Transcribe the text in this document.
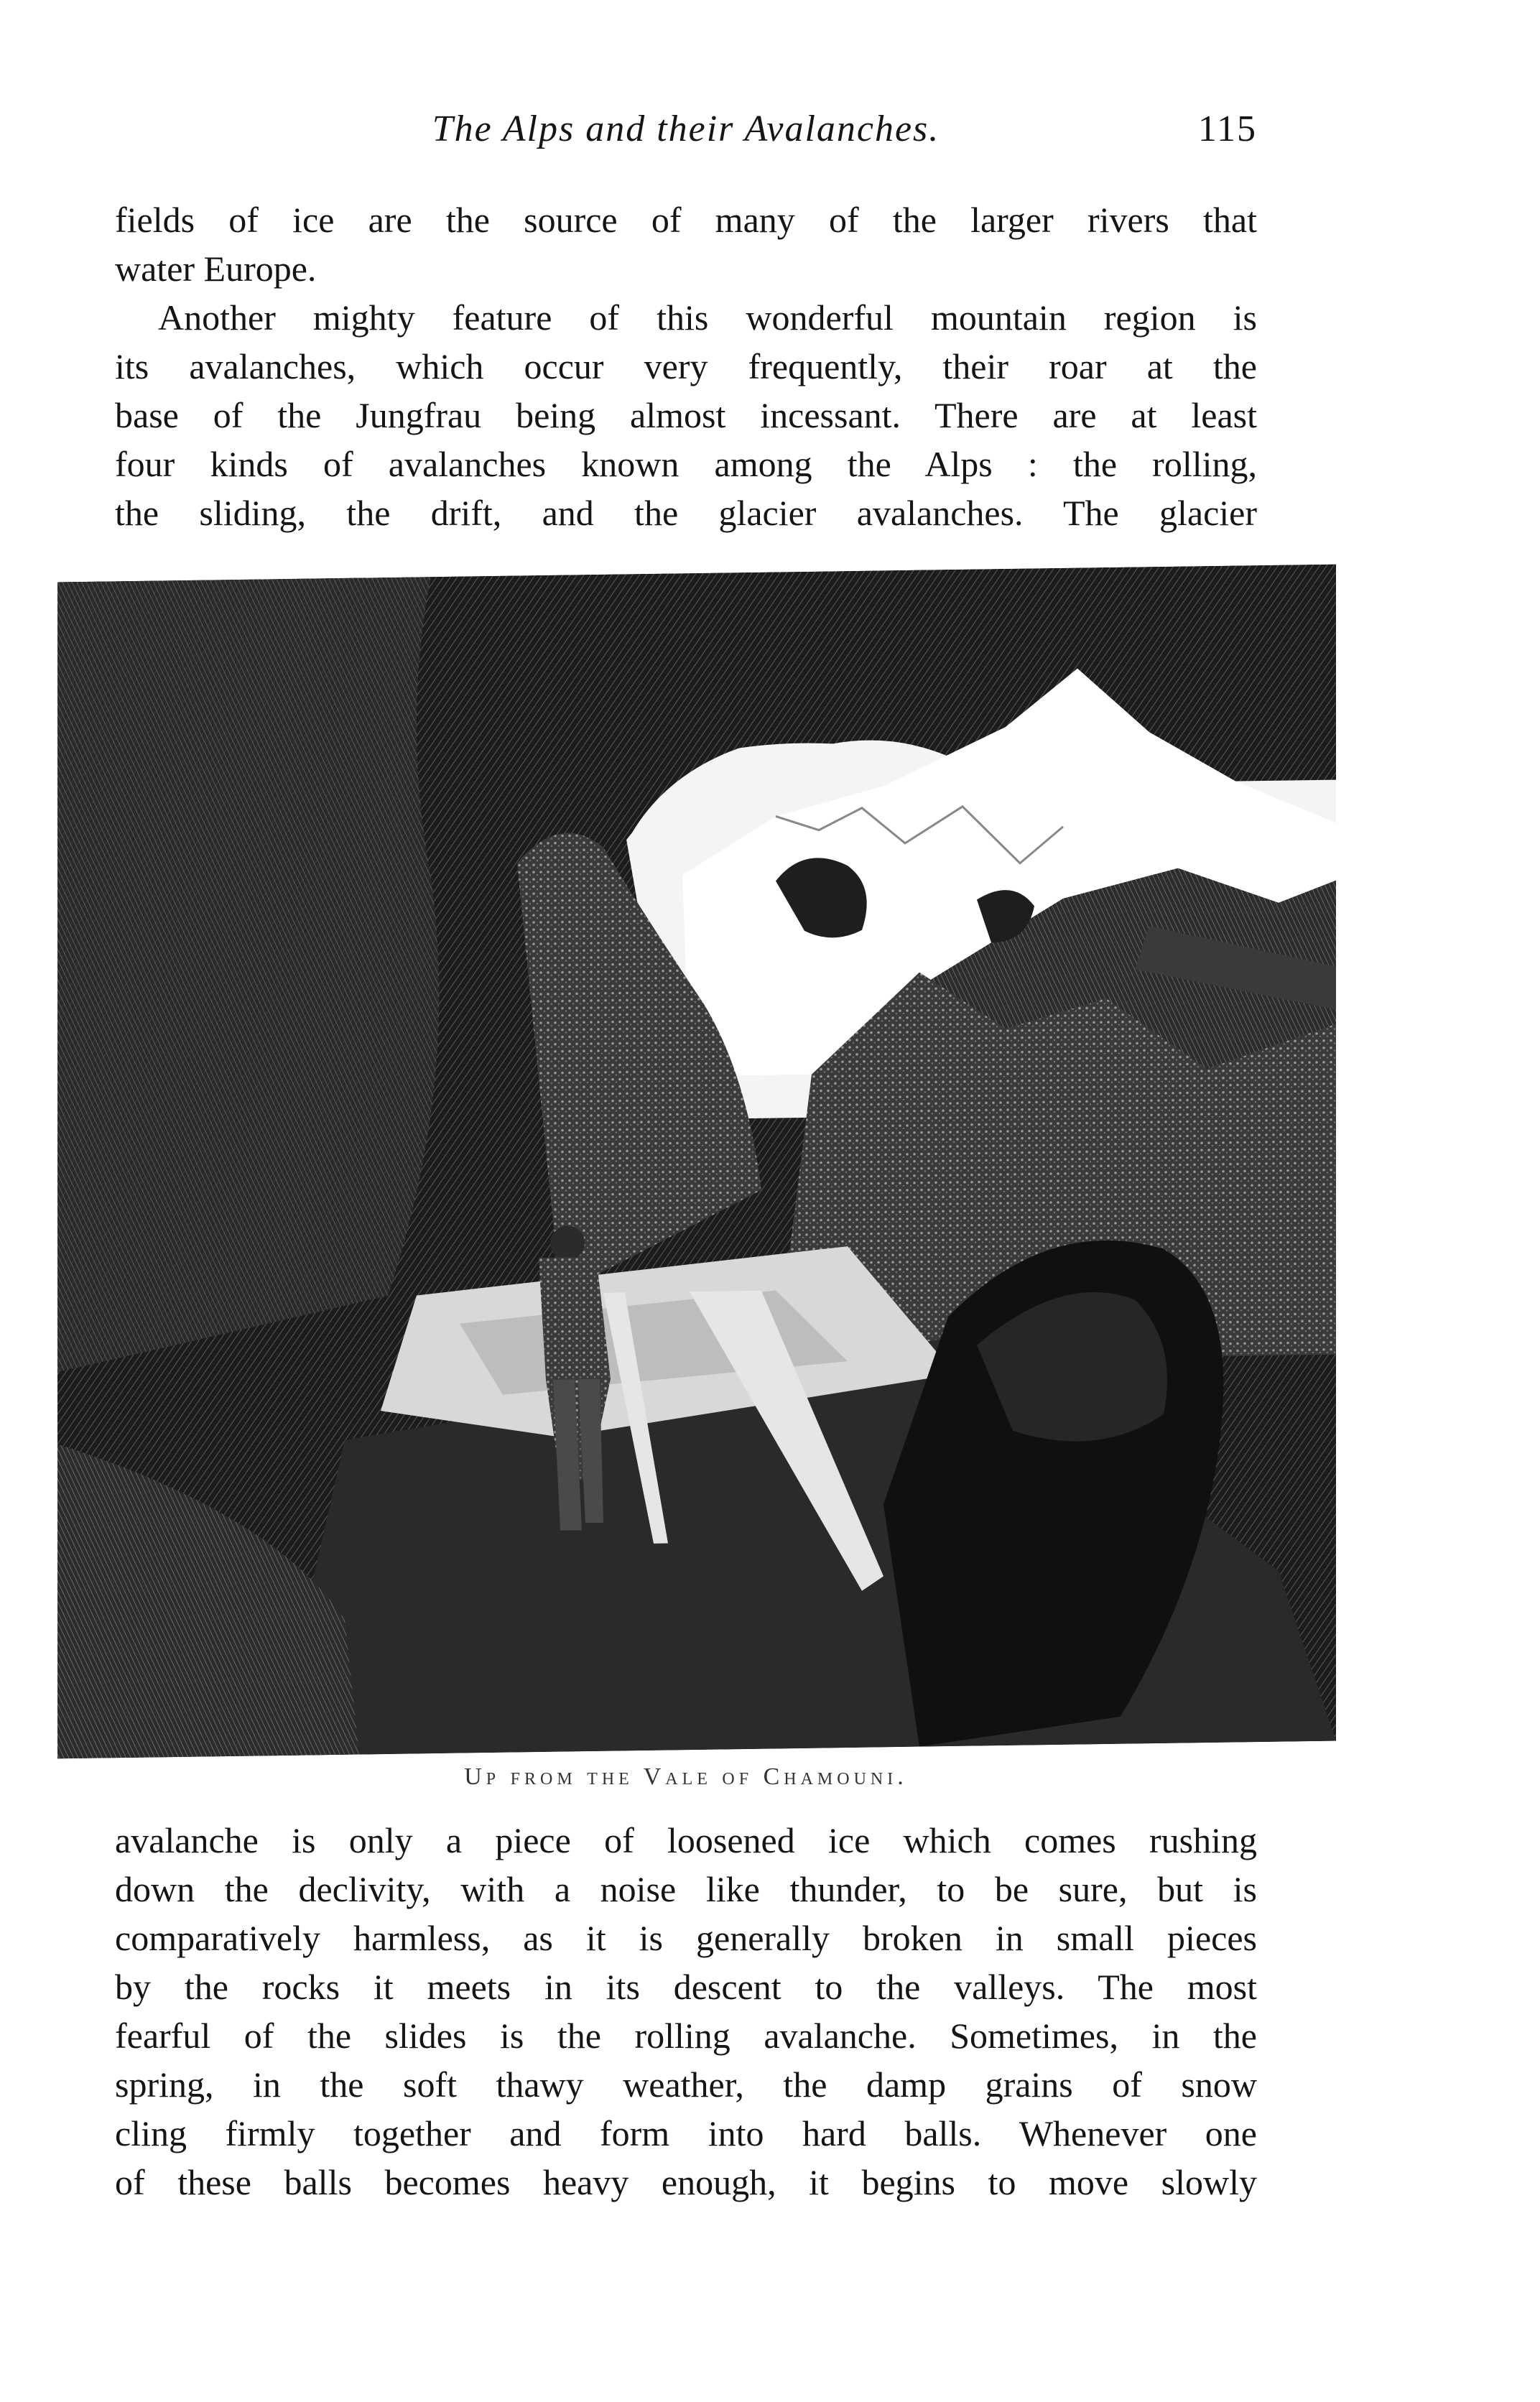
The Alps and their Avalanches.	115
fields of ice are the source of many of the larger rivers that
water Europe.
Another mighty feature of this wonderful mountain region is
its avalanches, which occur very frequently, their roar at the
base of the Jungfrau being almost incessant. There are at least
four kinds of avalanches known among the Alps : the rolling,
the sliding, the drift, and the glacier avalanches. The glacier
Up from the Vale of Chamouni.
avalanche is only a piece of loosened ice which comes rushing
down the declivity, with a noise like thunder, to be sure, but is
comparatively harmless, as it is generally broken in small pieces
by the rocks it meets in its descent to the valleys. The most
fearful of the slides is the rolling avalanche. Sometimes, in the
spring, in the soft thawy weather, the damp grains of snow
cling firmly together and form into hard balls. Whenever one
of these balls becomes heavy enough, it begins to move slowly
